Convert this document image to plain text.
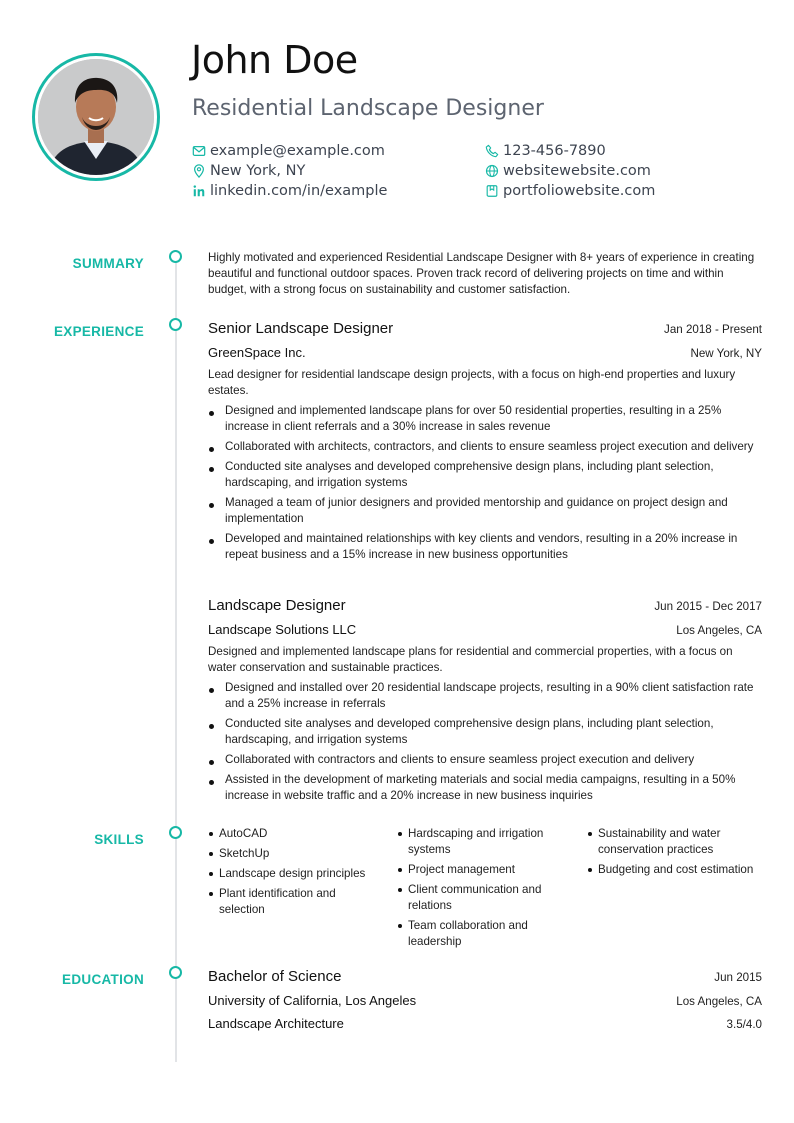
John Doe
Residential Landscape Designer
example@example.com	123-456-7890
New York, NY	websitewebsite.com
linkedin.com/in/example	portfoliowebsite.com
SUMMARY
EXPERIENCE
SKILLS
EDUCATION
Highly motivated and experienced Residential Landscape Designer with 8+ years of experience in creating beautiful and functional outdoor spaces. Proven track record of delivering projects on time and within budget, with a strong focus on sustainability and customer satisfaction.
Senior Landscape Designer	Jan 2018 - Present
GreenSpace Inc.	New York, NY
Lead designer for residential landscape design projects, with a focus on high-end properties and luxury estates.
Designed and implemented landscape plans for over 50 residential properties, resulting in a 25% increase in client referrals and a 30% increase in sales revenue
Collaborated with architects, contractors, and clients to ensure seamless project execution and delivery
Conducted site analyses and developed comprehensive design plans, including plant selection, hardscaping, and irrigation systems
Managed a team of junior designers and provided mentorship and guidance on project design and implementation
Developed and maintained relationships with key clients and vendors, resulting in a 20% increase in repeat business and a 15% increase in new business opportunities
Landscape Designer	Jun 2015 - Dec 2017
Landscape Solutions LLC	Los Angeles, CA
Designed and implemented landscape plans for residential and commercial properties, with a focus on water conservation and sustainable practices.
Designed and installed over 20 residential landscape projects, resulting in a 90% client satisfaction rate and a 25% increase in referrals
Conducted site analyses and developed comprehensive design plans, including plant selection, hardscaping, and irrigation systems
Collaborated with contractors and clients to ensure seamless project execution and delivery
Assisted in the development of marketing materials and social media campaigns, resulting in a 50% increase in website traffic and a 20% increase in new business inquiries
AutoCAD
SketchUp
Landscape design principles
Plant identification and selection
Hardscaping and irrigation systems
Project management
Client communication and relations
Team collaboration and leadership
Sustainability and water conservation practices
Budgeting and cost estimation
Bachelor of Science	Jun 2015
University of California, Los Angeles	Los Angeles, CA
Landscape Architecture	3.5/4.0
